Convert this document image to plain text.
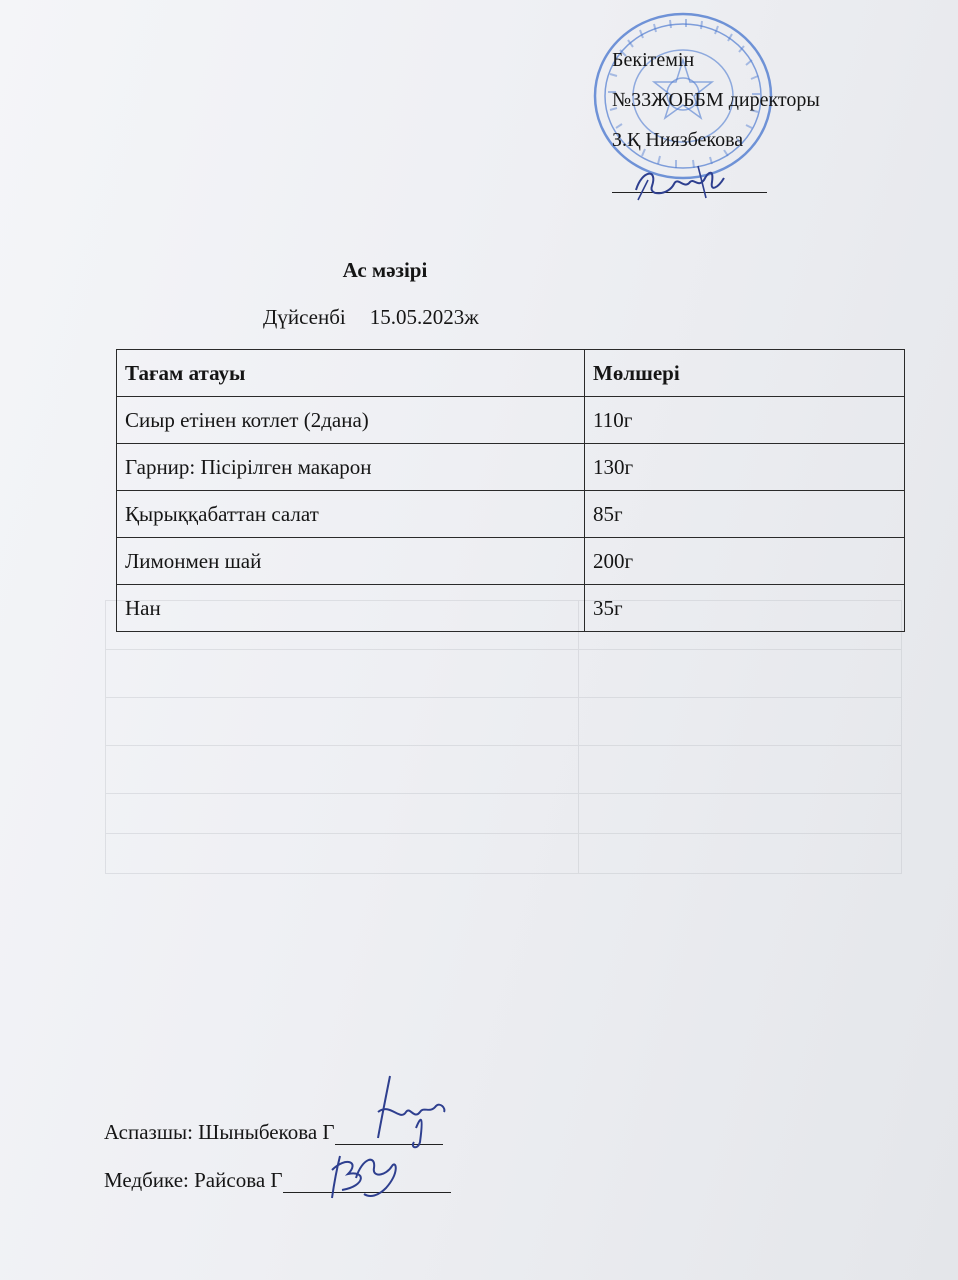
Бекітемін
№33ЖОББМ директоры
З.Қ Ниязбекова
Ас мәзірі
Дүйсенбі 15.05.2023ж
Тағам атауы	Мөлшері
Сиыр етінен котлет (2дана)	110г
Гарнир: Пісірілген макарон	130г
Қырыққабаттан салат	85г
Лимонмен шай	200г
Нан	35г
Аспазшы: Шыныбекова Г
Медбике: Райсова Г
